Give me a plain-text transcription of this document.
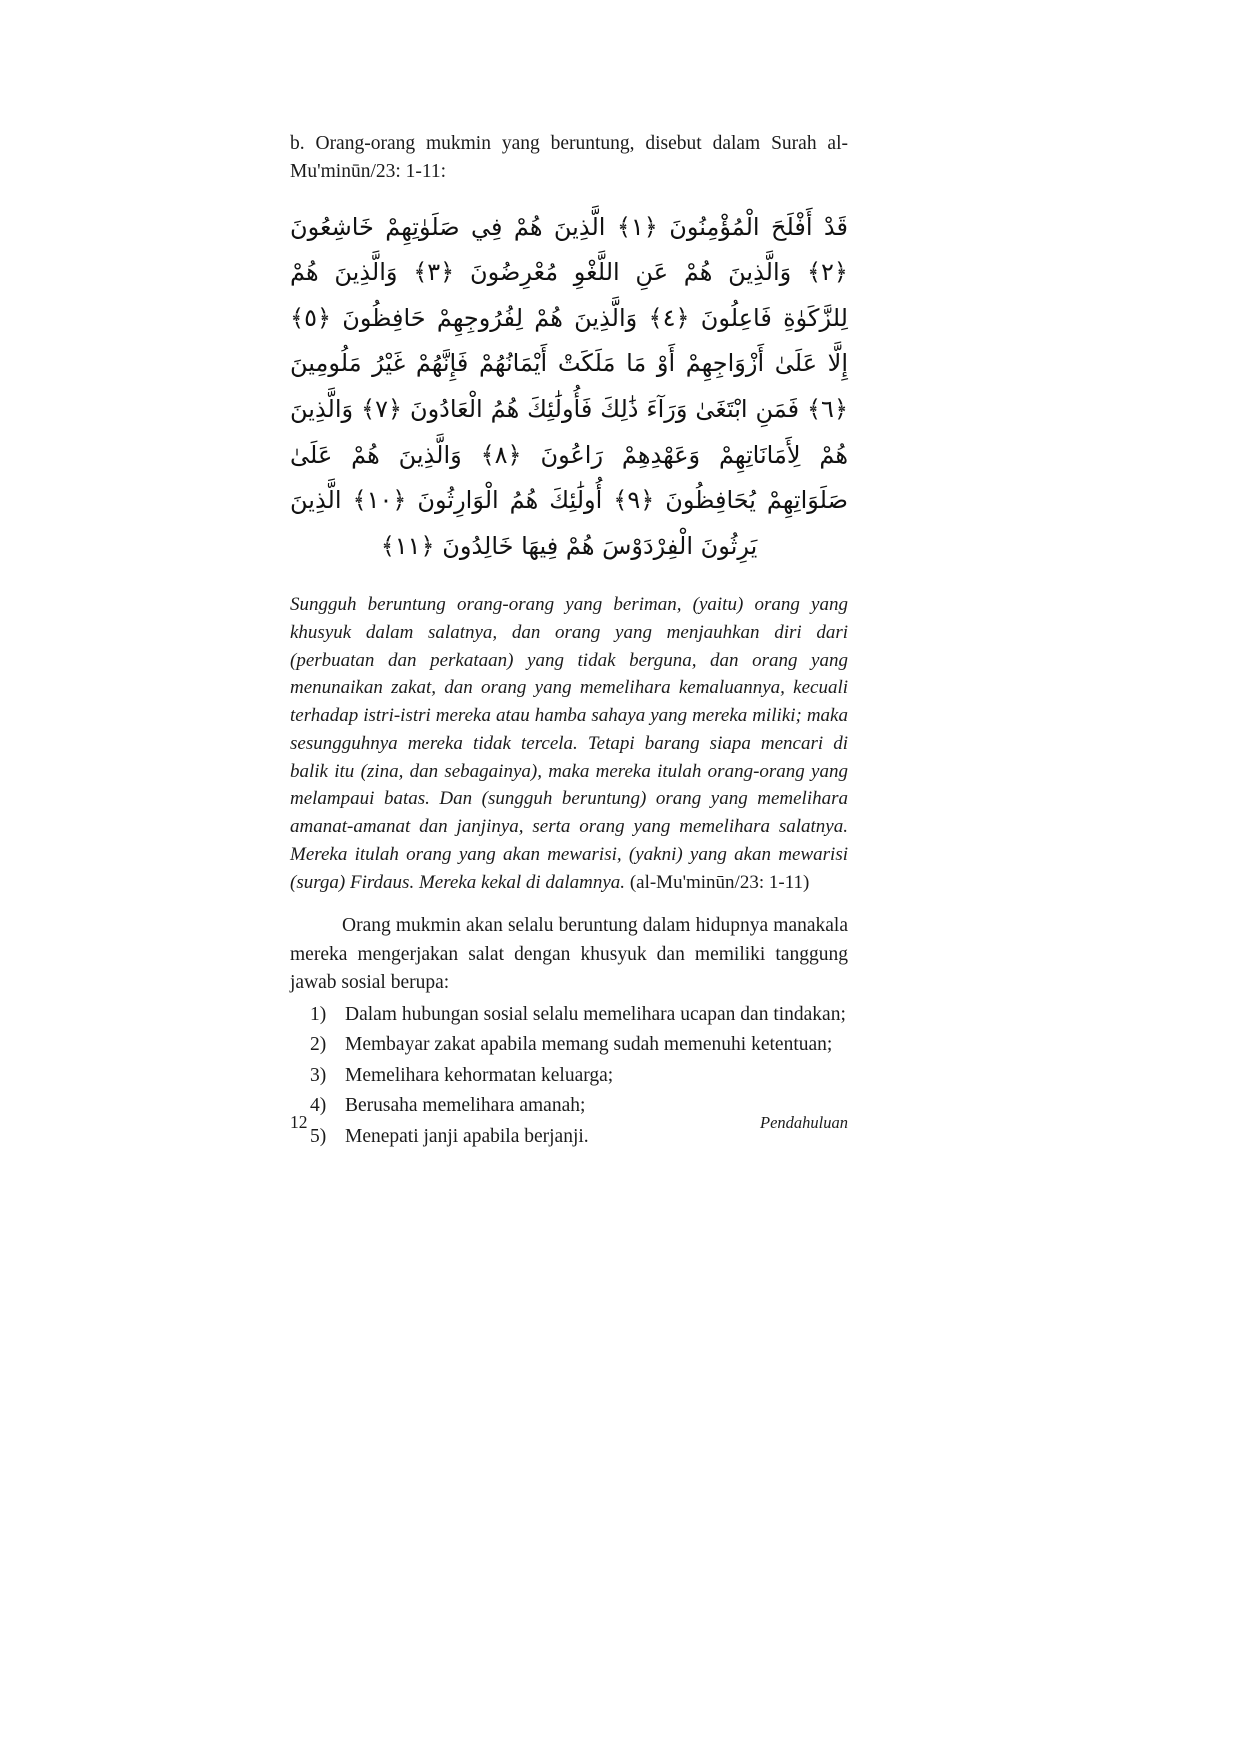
b. Orang-orang mukmin yang beruntung, disebut dalam Surah al-Mu'minūn/23: 1-11:

قَدْ أَفْلَحَ الْمُؤْمِنُونَ ﴿١﴾ الَّذِينَ هُمْ فِي صَلَوٰتِهِمْ خَاشِعُونَ ﴿٢﴾ وَالَّذِينَ هُمْ عَنِ اللَّغْوِ مُعْرِضُونَ ﴿٣﴾ وَالَّذِينَ هُمْ لِلزَّكَوٰةِ فَاعِلُونَ ﴿٤﴾ وَالَّذِينَ هُمْ لِفُرُوجِهِمْ حَافِظُونَ ﴿٥﴾ إِلَّا عَلَىٰ أَزْوَاجِهِمْ أَوْ مَا مَلَكَتْ أَيْمَانُهُمْ فَإِنَّهُمْ غَيْرُ مَلُومِينَ ﴿٦﴾ فَمَنِ ابْتَغَىٰ وَرَآءَ ذَٰلِكَ فَأُولَٰئِكَ هُمُ الْعَادُونَ ﴿٧﴾ وَالَّذِينَ هُمْ لِأَمَانَاتِهِمْ وَعَهْدِهِمْ رَاعُونَ ﴿٨﴾ وَالَّذِينَ هُمْ عَلَىٰ صَلَوَاتِهِمْ يُحَافِظُونَ ﴿٩﴾ أُولَٰئِكَ هُمُ الْوَارِثُونَ ﴿١٠﴾ الَّذِينَ يَرِثُونَ الْفِرْدَوْسَ هُمْ فِيهَا خَالِدُونَ ﴿١١﴾

Sungguh beruntung orang-orang yang beriman, (yaitu) orang yang khusyuk dalam salatnya, dan orang yang menjauhkan diri dari (perbuatan dan perkataan) yang tidak berguna, dan orang yang menunaikan zakat, dan orang yang memelihara kemaluannya, kecuali terhadap istri-istri mereka atau hamba sahaya yang mereka miliki; maka sesungguhnya mereka tidak tercela. Tetapi barang siapa mencari di balik itu (zina, dan sebagainya), maka mereka itulah orang-orang yang melampaui batas. Dan (sungguh beruntung) orang yang memelihara amanat-amanat dan janjinya, serta orang yang memelihara salatnya. Mereka itulah orang yang akan mewarisi, (yakni) yang akan mewarisi (surga) Firdaus. Mereka kekal di dalamnya. (al-Mu'minūn/23: 1-11)

Orang mukmin akan selalu beruntung dalam hidupnya manakala mereka mengerjakan salat dengan khusyuk dan memiliki tanggung jawab sosial berupa:

1) Dalam hubungan sosial selalu memelihara ucapan dan tindakan;
2) Membayar zakat apabila memang sudah memenuhi ketentuan;
3) Memelihara kehormatan keluarga;
4) Berusaha memelihara amanah;
5) Menepati janji apabila berjanji.
12	Pendahuluan
